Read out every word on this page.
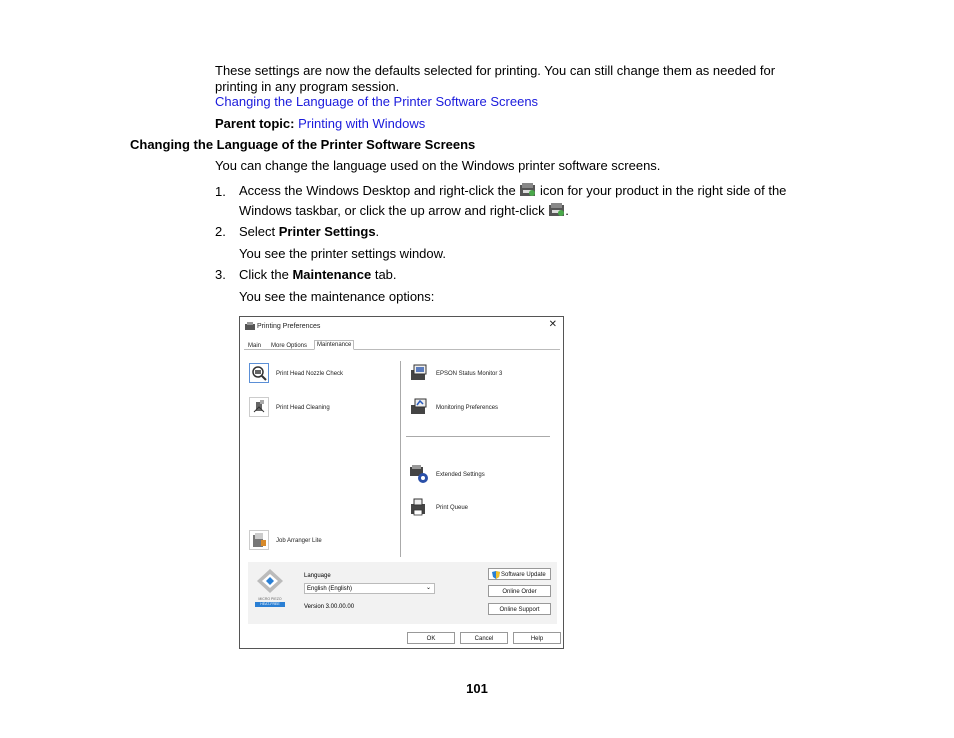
These settings are now the defaults selected for printing. You can still change them as needed for
printing in any program session.
Changing the Language of the Printer Software Screens
Parent topic: Printing with Windows
Changing the Language of the Printer Software Screens
You can change the language used on the Windows printer software screens.
1. Access the Windows Desktop and right-click the icon for your product in the right side of the
Windows taskbar, or click the up arrow and right-click .
2. Select Printer Settings.
You see the printer settings window.
3. Click the Maintenance tab.
You see the maintenance options:
Printing Preferences	✕
Main More Options	Maintenance
Print Head Nozzle Check
Print Head Cleaning
Job Arranger Lite
EPSON Status Monitor 3
Monitoring Preferences
Extended Settings
Print Queue
MICRO PIEZO
HEAT-FREE
Language
English (English)	⌄
Version 3.00.00.00
Software Update
Online Order
Online Support
OK	Cancel	Help
101
